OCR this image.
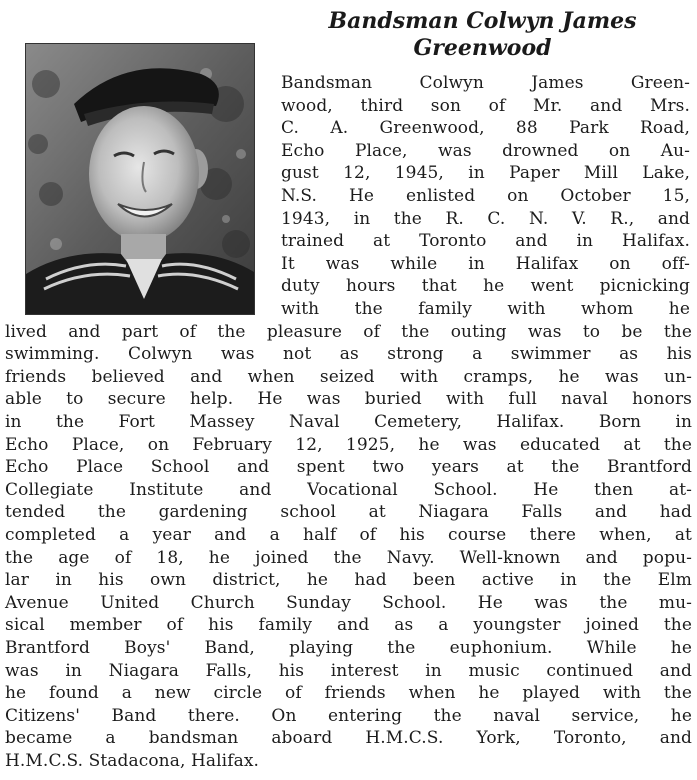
Bandsman Colwyn James
Greenwood
Bandsman Colwyn James Green-
wood, third son of Mr. and Mrs.
C. A. Greenwood, 88 Park Road,
Echo Place, was drowned on Au-
gust 12, 1945, in Paper Mill Lake,
N.S. He enlisted on October 15,
1943, in the R. C. N. V. R., and
trained at Toronto and in Halifax.
It was while in Halifax on off-
duty hours that he went picnicking
with the family with whom he
lived and part of the pleasure of the outing was to be the
swimming. Colwyn was not as strong a swimmer as his
friends believed and when seized with cramps, he was un-
able to secure help. He was buried with full naval honors
in the Fort Massey Naval Cemetery, Halifax. Born in
Echo Place, on February 12, 1925, he was educated at the
Echo Place School and spent two years at the Brantford
Collegiate Institute and Vocational School. He then at-
tended the gardening school at Niagara Falls and had
completed a year and a half of his course there when, at
the age of 18, he joined the Navy. Well-known and popu-
lar in his own district, he had been active in the Elm
Avenue United Church Sunday School. He was the mu-
sical member of his family and as a youngster joined the
Brantford Boys' Band, playing the euphonium. While he
was in Niagara Falls, his interest in music continued and
he found a new circle of friends when he played with the
Citizens' Band there. On entering the naval service, he
became a bandsman aboard H.M.C.S. York, Toronto, and
H.M.C.S. Stadacona, Halifax.
